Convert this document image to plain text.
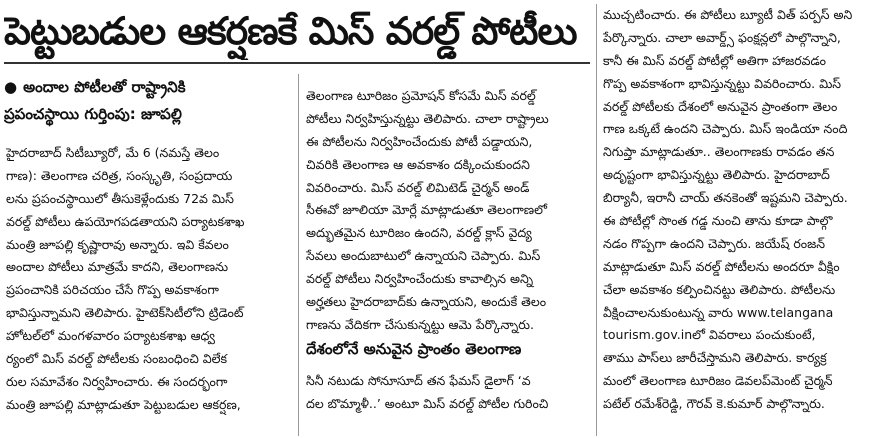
పెట్టుబడుల ఆకర్షణకే మిస్ వరల్డ్ పోటీలు
● అందాల పోటీలతో రాష్ట్రానికి
ప్రపంచస్థాయి గుర్తింపు: జూపల్లి
హైదరాబాద్ సిటీబ్యూరో, మే 6 (నమస్తే తెలం
గాణ): తెలంగాణ చరిత్ర, సంస్కృతి, సంప్రదాయ
లను ప్రపంచస్థాయిలో తీసుకెళ్లేందుకు 72వ మిస్
వరల్డ్ పోటీలు ఉపయోగపడతాయని పర్యాటకశాఖ
మంత్రి జూపల్లి కృష్ణారావు అన్నారు. ఇవి కేవలం
అందాల పోటీలు మాత్రమే కాదని, తెలంగాణను
ప్రపంచానికి పరిచయం చేసే గొప్ప అవకాశంగా
భావిస్తున్నామని తెలిపారు. హైటెక్‌సిటీలోని ట్రిడెంట్
హోటల్‌లో మంగళవారం పర్యాటకశాఖ ఆధ్వ
ర్యంలో మిస్ వరల్డ్ పోటీలకు సంబంధించి విలేక
రుల సమావేశం నిర్వహించారు. ఈ సందర్భంగా
మంత్రి జూపల్లి మాట్లాడుతూ పెట్టుబడుల ఆకర్షణ,
తెలంగాణ టూరిజం ప్రమోషన్ కోసమే మిస్ వరల్డ్
పోటీలు నిర్వహిస్తున్నట్టు తెలిపారు. చాలా రాష్ట్రాలు
ఈ పోటీలను నిర్వహించేందుకు పోటీ పడ్డాయని,
చివరికి తెలంగాణ ఆ అవకాశం దక్కించుకుందని
వివరించారు. మిస్ వరల్డ్ లిమిటెడ్ చైర్మన్ అండ్
సీఈవో జూలియా మోర్లే మాట్లాడుతూ తెలంగాణలో
అద్భుతమైన టూరిజం ఉందని, వరల్డ్ క్లాస్ వైద్య
సేవలు అందుబాటులో ఉన్నాయని చెప్పారు. మిస్
వరల్డ్ పోటీలు నిర్వహించేందుకు కావాల్సిన అన్ని
అర్హతలు హైదరాబాద్‌కు ఉన్నాయని, అందుకే తెలం
గాణను వేదికగా చేసుకున్నట్టు ఆమె పేర్కొన్నారు.
దేశంలోనే అనువైన ప్రాంతం తెలంగాణ
సినీ నటుడు సోనూసూద్ తన ఫేమస్ డైలాగ్ ‘వ
దల బొమ్మాళీ..’ అంటూ మిస్ వరల్డ్ పోటీల గురించి
ముచ్చటించారు. ఈ పోటీలు బ్యూటీ విత్ పర్పస్ అని
పేర్కొన్నారు. చాలా అవార్డ్స్ ఫంక్షన్లలో పాల్గొన్నాని,
కానీ ఈ మిస్ వరల్డ్ పోటీల్లో అతిగా హాజరవడం
గొప్ప అవకాశంగా భావిస్తున్నట్టు వివరించారు. మిస్
వరల్డ్ పోటీలకు దేశంలో అనువైన ప్రాంతంగా తెలం
గాణ ఒక్కటే ఉందని చెప్పారు. మిస్ ఇండియా నంది
నిగుప్తా మాట్లాడుతూ.. తెలంగాణకు రావడం తన
అదృష్టంగా భావిస్తున్నట్టు తెలిపారు. హైదరాబాద్
బిర్యానీ, ఇరానీ చాయ్ తనకెంతో ఇష్టమని చెప్పారు.
ఈ పోటీల్లో సొంత గడ్డ నుంచి తాను కూడా పాల్గొ
నడం గొప్పగా ఉందని చెప్పారు. జయేష్ రంజన్
మాట్లాడుతూ మిస్ వరల్డ్ పోటీలను అందరూ వీక్షిం
చేలా అవకాశం కల్పించినట్టు తెలిపారు. పోటీలను
వీక్షించాలనుకుంటున్న వారు www.telangana
tourism.gov.inలో వివరాలు పంచుకుంటే,
తాము పాస్‌లు జారీచేస్తామని తెలిపారు. కార్యక్ర
మంలో తెలంగాణ టూరిజం డెవలప్‌మెంట్ చైర్మన్
పటేల్ రమేశ్‌రెడ్డి, గౌరవ్ కె.కుమార్ పాల్గొన్నారు.
